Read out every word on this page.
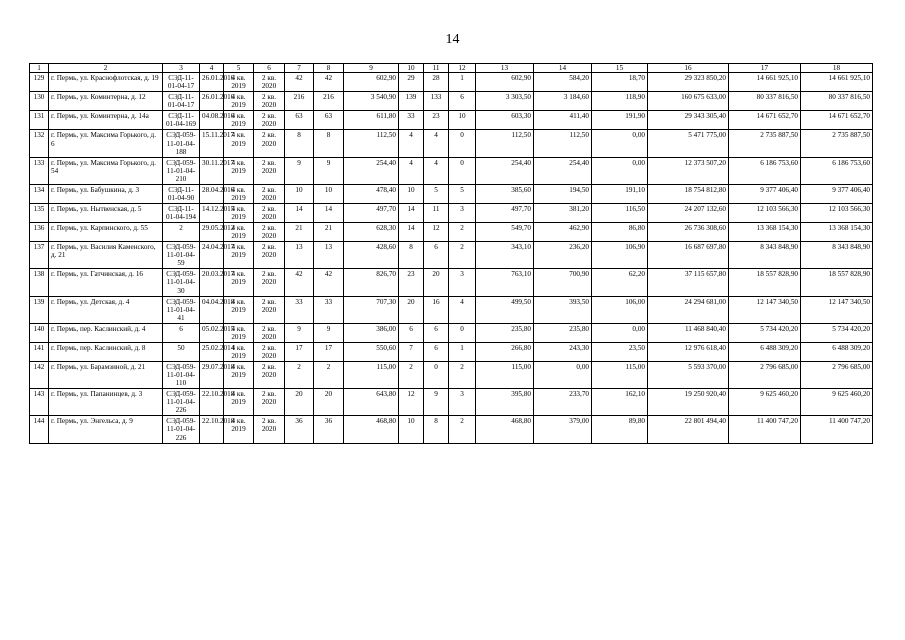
14
1	2	3	4	5	6	7	8	9	10	11	12	13	14	15	16	17	18
129	г. Пермь, ул. Краснофлотская, д. 19	СЭД-11-01-04-17	26.01.2016	4 кв. 2019	2 кв. 2020	42	42	602,90	29	28	1	602,90	584,20	18,70	29 323 850,20	14 661 925,10	14 661 925,10
130	г. Пермь, ул. Коминтерна, д. 12	СЭД-11-01-04-17	26.01.2016	4 кв. 2019	2 кв. 2020	216	216	3 540,90	139	133	6	3 303,50	3 184,60	118,90	160 675 633,00	80 337 816,50	80 337 816,50
131	г. Пермь, ул. Коминтерна, д. 14а	СЭД-11-01-04-169	04.08.2016	4 кв. 2019	2 кв. 2020	63	63	611,80	33	23	10	603,30	411,40	191,90	29 343 305,40	14 671 652,70	14 671 652,70
132	г. Пермь, ул. Максима Горького, д. 6	СЭД-059-11-01-04-188	15.11.2017	4 кв. 2019	2 кв. 2020	8	8	112,50	4	4	0	112,50	112,50	0,00	5 471 775,00	2 735 887,50	2 735 887,50
133	г. Пермь, ул. Максима Горького, д. 54	СЭД-059-11-01-04-210	30.11.2017	4 кв. 2019	2 кв. 2020	9	9	254,40	4	4	0	254,40	254,40	0,00	12 373 507,20	6 186 753,60	6 186 753,60
134	г. Пермь, ул. Бабушкина, д. 3	СЭД-11-01-04-90	28.04.2016	4 кв. 2019	2 кв. 2020	10	10	478,40	10	5	5	385,60	194,50	191,10	18 754 812,80	9 377 406,40	9 377 406,40
135	г. Пермь, ул. Нытвенская, д. 5	СЭД-11-01-04-194	14.12.2015	4 кв. 2019	2 кв. 2020	14	14	497,70	14	11	3	497,70	381,20	116,50	24 207 132,60	12 103 566,30	12 103 566,30
136	г. Пермь, ул. Карпинского, д. 55	2	29.05.2012	4 кв. 2019	2 кв. 2020	21	21	628,30	14	12	2	549,70	462,90	86,80	26 736 308,60	13 368 154,30	13 368 154,30
137	г. Пермь, ул. Василия Каменского, д. 21	СЭД-059-11-01-04-59	24.04.2017	4 кв. 2019	2 кв. 2020	13	13	428,60	8	6	2	343,10	236,20	106,90	16 687 697,80	8 343 848,90	8 343 848,90
138	г. Пермь, ул. Гатчинская, д. 16	СЭД-059-11-01-04-30	20.03.2017	4 кв. 2019	2 кв. 2020	42	42	826,70	23	20	3	763,10	700,90	62,20	37 115 657,80	18 557 828,90	18 557 828,90
139	г. Пермь, ул. Детская, д. 4	СЭД-059-11-01-04-41	04.04.2018	4 кв. 2019	2 кв. 2020	33	33	707,30	20	16	4	499,50	393,50	106,00	24 294 681,00	12 147 340,50	12 147 340,50
140	г. Пермь, пер. Каслинский, д. 4	6	05.02.2015	4 кв. 2019	2 кв. 2020	9	9	386,00	6	6	0	235,80	235,80	0,00	11 468 840,40	5 734 420,20	5 734 420,20
141	г. Пермь, пер. Каслинский, д. 8	50	25.02.2014	4 кв. 2019	2 кв. 2020	17	17	550,60	7	6	1	266,80	243,30	23,50	12 976 618,40	6 488 309,20	6 488 309,20
142	г. Пермь, ул. Барамзиной, д. 21	СЭД-059-11-01-04-110	29.07.2018	4 кв. 2019	2 кв. 2020	2	2	115,00	2	0	2	115,00	0,00	115,00	5 593 370,00	2 796 685,00	2 796 685,00
143	г. Пермь, ул. Папанинцев, д. 3	СЭД-059-11-01-04-226	22.10.2018	4 кв. 2019	2 кв. 2020	20	20	643,80	12	9	3	395,80	233,70	162,10	19 250 920,40	9 625 460,20	9 625 460,20
144	г. Пермь, ул. Энгельса, д. 9	СЭД-059-11-01-04-226	22.10.2018	4 кв. 2019	2 кв. 2020	36	36	468,80	10	8	2	468,80	379,00	89,80	22 801 494,40	11 400 747,20	11 400 747,20
